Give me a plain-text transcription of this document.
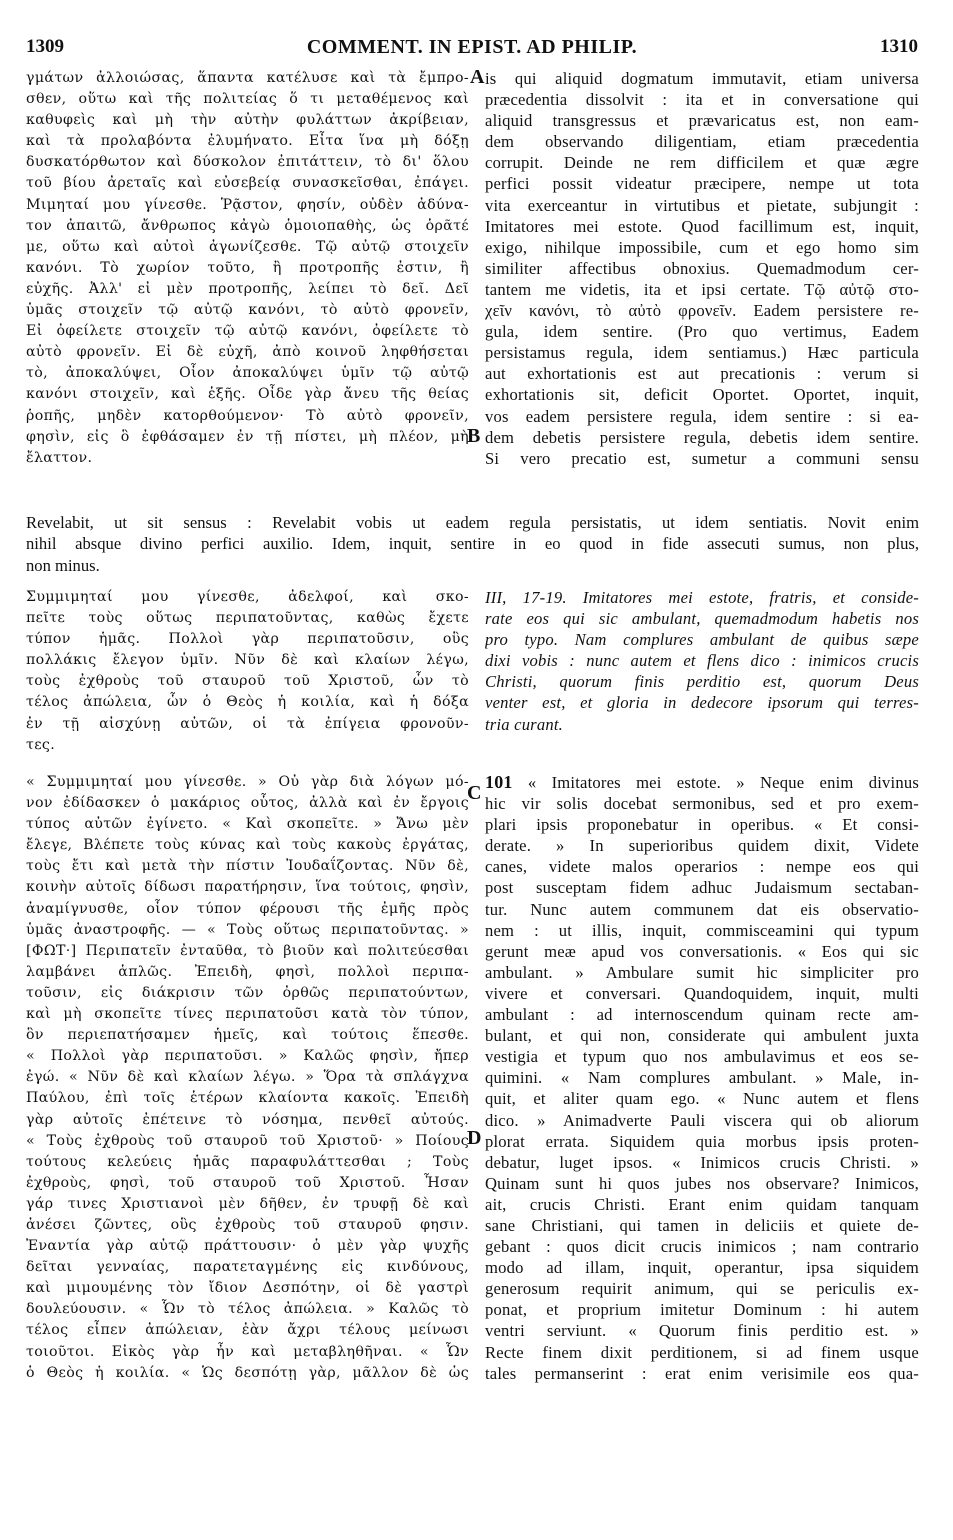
1309	COMMENT. IN EPIST. AD PHILIP.	1310
γμάτων ἀλλοιώσας, ἅπαντα κατέλυσε καὶ τὰ ἔμπρο-
σθεν, οὕτω καὶ τῆς πολιτείας ὅ τι μεταθέμενος καὶ
καθυφεὶς καὶ μὴ τὴν αὐτὴν φυλάττων ἀκρίβειαν,
καὶ τὰ προλαβόντα ἐλυμήνατο. Εἶτα ἵνα μὴ δόξῃ
δυσκατόρθωτον καὶ δύσκολον ἐπιτάττειν, τὸ δι' ὅλου
τοῦ βίου ἀρεταῖς καὶ εὐσεβείᾳ συνασκεῖσθαι, ἐπάγει.
Μιμηταί μου γίνεσθε. Ῥᾷστον, φησίν, οὐδὲν ἀδύνα-
τον ἀπαιτῶ, ἄνθρωπος κἀγὼ ὁμοιοπαθὴς, ὡς ὁρᾶτέ
με, οὕτω καὶ αὐτοὶ ἀγωνίζεσθε. Τῷ αὐτῷ στοιχεῖν
κανόνι. Τὸ χωρίον τοῦτο, ἢ προτροπῆς ἐστιν, ἢ
εὐχῆς. Ἀλλ' εἰ μὲν προτροπῆς, λείπει τὸ δεῖ. Δεῖ
ὑμᾶς στοιχεῖν τῷ αὐτῷ κανόνι, τὸ αὐτὸ φρονεῖν,
Εἰ ὀφείλετε στοιχεῖν τῷ αὐτῷ κανόνι, ὀφείλετε τὸ
αὐτὸ φρονεῖν. Εἰ δὲ εὐχῆ, ἀπὸ κοινοῦ ληφθήσεται
τὸ, ἀποκαλύψει, Οἷον ἀποκαλύψει ὑμῖν τῷ αὐτῷ
κανόνι στοιχεῖν, καὶ ἑξῆς. Οἶδε γὰρ ἄνευ τῆς θείας
ῥοπῆς, μηδὲν κατορθούμενον· Τὸ αὐτὸ φρονεῖν,
φησὶν, εἰς ὃ ἐφθάσαμεν ἐν τῇ πίστει, μὴ πλέον, μὴ
ἔλαττον.
is qui aliquid dogmatum immutavit, etiam universa
præcedentia dissolvit : ita et in conversatione qui
aliquid transgressus et prævaricatus est, non eam-
dem observando diligentiam, etiam præcedentia
corrupit. Deinde ne rem difficilem et quæ ægre
perfici possit videatur præcipere, nempe ut tota
vita exerceantur in virtutibus et pietate, subjungit :
Imitatores mei estote. Quod facillimum est, inquit,
exigo, nihilque impossibile, cum et ego homo sim
similiter affectibus obnoxius. Quemadmodum cer-
tantem me videtis, ita et ipsi certate. Τῷ αὐτῷ στο-
χεῖν κανόνι, τὸ αὐτὸ φρονεῖν. Eadem persistere re-
gula, idem sentire. (Pro quo vertimus, Eadem
persistamus regula, idem sentiamus.) Hæc particula
aut exhortationis est aut precationis : verum si
exhortationis sit, deficit Oportet. Oportet, inquit,
vos eadem persistere regula, idem sentire : si ea-
dem debetis persistere regula, debetis idem sentire.
Si vero precatio est, sumetur a communi sensu
A
B
Revelabit, ut sit sensus : Revelabit vobis ut eadem regula persistatis, ut idem sentiatis. Novit enim
nihil absque divino perfici auxilio. Idem, inquit, sentire in eo quod in fide assecuti sumus, non plus,
non minus.
Συμμιμηταί μου γίνεσθε, ἀδελφοί, καὶ σκο-
πεῖτε τοὺς οὕτως περιπατοῦντας, καθὼς ἔχετε
τύπον ἡμᾶς. Πολλοὶ γὰρ περιπατοῦσιν, οὓς
πολλάκις ἔλεγον ὑμῖν. Νῦν δὲ καὶ κλαίων λέγω,
τοὺς ἐχθροὺς τοῦ σταυροῦ τοῦ Χριστοῦ, ὧν τὸ
τέλος ἀπώλεια, ὧν ὁ Θεὸς ἡ κοιλία, καὶ ἡ δόξα
ἐν τῇ αἰσχύνῃ αὐτῶν, οἱ τὰ ἐπίγεια φρονοῦν-
τες.
III, 17-19. Imitatores mei estote, fratris, et conside-
rate eos qui sic ambulant, quemadmodum habetis nos
pro typo. Nam complures ambulant de quibus sæpe
dixi vobis : nunc autem et flens dico : inimicos crucis
Christi, quorum finis perditio est, quorum Deus
venter est, et gloria in dedecore ipsorum qui terres-
tria curant.
« Συμμιμηταί μου γίνεσθε. » Οὐ γὰρ διὰ λόγων μό-
νον ἐδίδασκεν ὁ μακάριος οὗτος, ἀλλὰ καὶ ἐν ἔργοις
τύπος αὐτῶν ἐγίνετο. « Καὶ σκοπεῖτε. » Ἄνω μὲν
ἔλεγε, Βλέπετε τοὺς κύνας καὶ τοὺς κακοὺς ἐργάτας,
τοὺς ἔτι καὶ μετὰ τὴν πίστιν Ἰουδαΐζοντας. Νῦν δὲ,
κοινὴν αὐτοῖς δίδωσι παρατήρησιν, ἵνα τούτοις, φησὶν,
ἀναμίγνυσθε, οἷον τύπον φέρουσι τῆς ἐμῆς πρὸς
ὑμᾶς ἀναστροφῆς. — « Τοὺς οὕτως περιπατοῦντας. »
[ΦΩΤ·] Περιπατεῖν ἐνταῦθα, τὸ βιοῦν καὶ πολιτεύεσθαι
λαμβάνει ἁπλῶς. Ἐπειδὴ, φησὶ, πολλοὶ περιπα-
τοῦσιν, εἰς διάκρισιν τῶν ὀρθῶς περιπατούντων,
καὶ μὴ σκοπεῖτε τίνες περιπατοῦσι κατὰ τὸν τύπον,
ὃν περιεπατήσαμεν ἡμεῖς, καὶ τούτοις ἕπεσθε.
« Πολλοὶ γὰρ περιπατοῦσι. » Καλῶς φησὶν, ἤπερ
ἐγώ. « Νῦν δὲ καὶ κλαίων λέγω. » Ὅρα τὰ σπλάγχνα
Παύλου, ἐπὶ τοῖς ἑτέρων κλαίοντα κακοῖς. Ἐπειδὴ
γὰρ αὐτοῖς ἐπέτεινε τὸ νόσημα, πενθεῖ αὐτούς.
« Τοὺς ἐχθροὺς τοῦ σταυροῦ τοῦ Χριστοῦ· » Ποίους
τούτους κελεύεις ἡμᾶς παραφυλάττεσθαι ; Τοὺς
ἐχθροὺς, φησὶ, τοῦ σταυροῦ τοῦ Χριστοῦ. Ἦσαν
γάρ τινες Χριστιανοὶ μὲν δῆθεν, ἐν τρυφῇ δὲ καὶ
ἀνέσει ζῶντες, οὓς ἐχθροὺς τοῦ σταυροῦ φησιν.
Ἐναντία γὰρ αὐτῷ πράττουσιν· ὁ μὲν γὰρ ψυχῆς
δεῖται γενναίας, παρατεταγμένης εἰς κινδύνους,
καὶ μιμουμένης τὸν ἴδιον Δεσπότην, οἱ δὲ γαστρὶ
δουλεύουσιν. « Ὧν τὸ τέλος ἀπώλεια. » Καλῶς τὸ
τέλος εἶπεν ἀπώλειαν, ἐὰν ἄχρι τέλους μείνωσι
τοιοῦτοι. Εἰκὸς γὰρ ἦν καὶ μεταβληθῆναι. « Ὧν
ὁ Θεὸς ἡ κοιλία. « Ὡς δεσπότῃ γὰρ, μᾶλλον δὲ ὡς
101 « Imitatores mei estote. » Neque enim divinus
hic vir solis docebat sermonibus, sed et pro exem-
plari ipsis proponebatur in operibus. « Et consi-
derate. » In superioribus quidem dixit, Videte
canes, videte malos operarios : nempe eos qui
post susceptam fidem adhuc Judaismum sectaban-
tur. Nunc autem communem dat eis observatio-
nem : ut illis, inquit, commisceamini qui typum
gerunt meæ apud vos conversationis. « Eos qui sic
ambulant. » Ambulare sumit hic simpliciter pro
vivere et conversari. Quandoquidem, inquit, multi
ambulant : ad internoscendum quinam recte am-
bulant, et qui non, considerate qui ambulent juxta
vestigia et typum quo nos ambulavimus et eos se-
quimini. « Nam complures ambulant. » Male, in-
quit, et aliter quam ego. « Nunc autem et flens
dico. » Animadverte Pauli viscera qui ob aliorum
plorat errata. Siquidem quia morbus ipsis proten-
debatur, luget ipsos. « Inimicos crucis Christi. »
Quinam sunt hi quos jubes nos observare? Inimicos,
ait, crucis Christi. Erant enim quidam tanquam
sane Christiani, qui tamen in deliciis et quiete de-
gebant : quos dicit crucis inimicos ; nam contrario
modo ad illam, inquit, operantur, ipsa siquidem
generosum requirit animum, qui se periculis ex-
ponat, et proprium imitetur Dominum : hi autem
ventri serviunt. « Quorum finis perditio est. »
Recte finem dixit perditionem, si ad finem usque
tales permanserint : erat enim verisimile eos qua-
C
D
